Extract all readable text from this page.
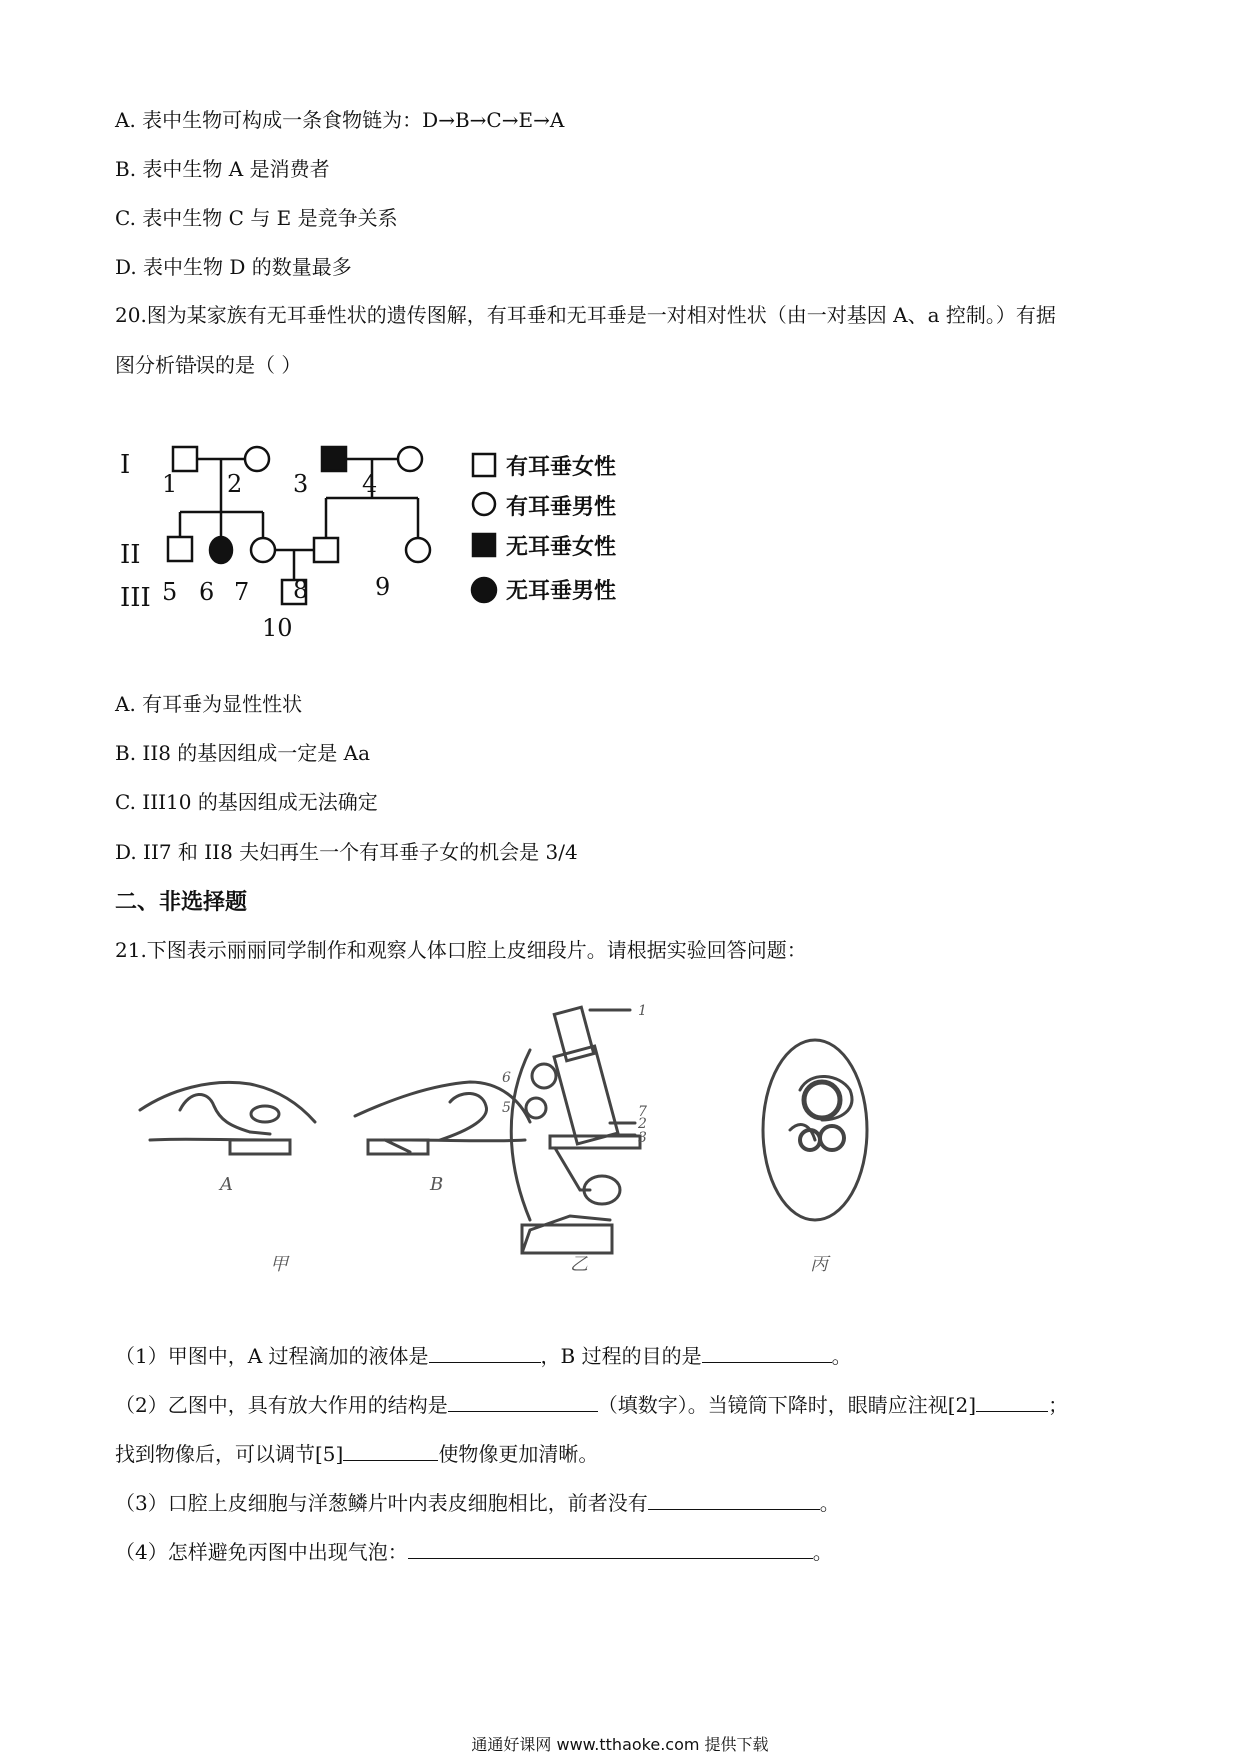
A. 表中生物可构成一条食物链为：D→B→C→E→A
B. 表中生物 A 是消费者
C. 表中生物 C 与 E 是竞争关系
D. 表中生物 D 的数量最多
20.图为某家族有无耳垂性状的遗传图解，有耳垂和无耳垂是一对相对性状（由一对基因 A、a 控制。）有据
图分析错 ·误 ·的是（ ）
I
II
III
1 2 3 4
5 6 7 8	9
10
有耳垂女性
有耳垂男性
无耳垂女性
无耳垂男性
A. 有耳垂为显性性状
B. II8 的基因组成一定是 Aa
C. III10 的基因组成无法确定
D. II7 和 II8 夫妇再生一个有耳垂子女的机会是 3/4
二、非选择题
21.下图表示丽丽同学制作和观察人体口腔上皮细段片。请根据实验回答问题：
A	B
甲	乙	丙
1
6
5
2
7
3
（1）甲图中，A 过程滴加的液体是	，B 过程的目的是	。
（2）乙图中，具有放大作用的结构是	（填数字）。当镜筒下降时，眼睛应注视[2]	；
找到物像后，可以调节[5]	使物像更加清晰。
（3）口腔上皮细胞与洋葱鳞片叶内表皮细胞相比，前者没有	。
（4）怎样避免丙图中出现气泡：	。
通通好课网 www.tthaoke.com 提供下载
